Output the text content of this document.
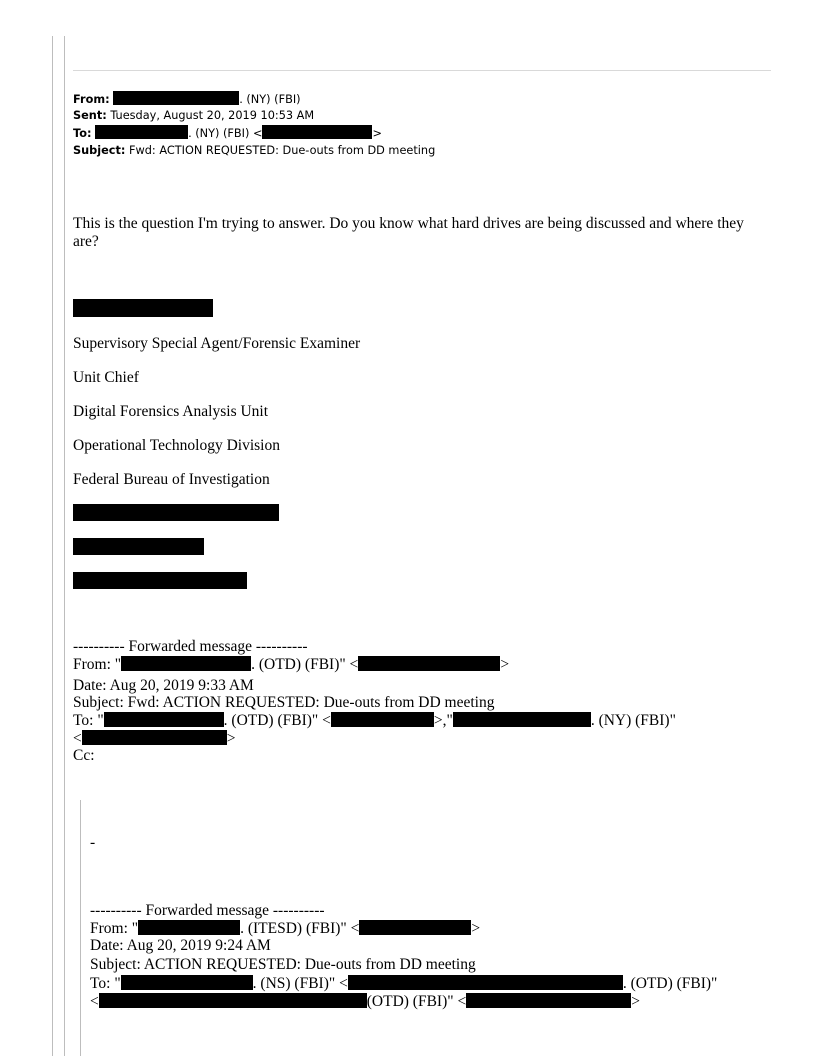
From:	. (NY) (FBI)
Sent: Tuesday, August 20, 2019 10:53 AM
To:	. (NY) (FBI) <	>
Subject: Fwd: ACTION REQUESTED: Due-outs from DD meeting
This is the question I'm trying to answer. Do you know what hard drives are being discussed and where they
are?
Supervisory Special Agent/Forensic Examiner
Unit Chief
Digital Forensics Analysis Unit
Operational Technology Division
Federal Bureau of Investigation
---------- Forwarded message ----------
From: "	. (OTD) (FBI)" <	>
Date: Aug 20, 2019 9:33 AM
Subject: Fwd: ACTION REQUESTED: Due-outs from DD meeting
To: "	. (OTD) (FBI)" <	>,"	. (NY) (FBI)"
<	>
Cc:
-
---------- Forwarded message ----------
From: "	. (ITESD) (FBI)" <	>
Date: Aug 20, 2019 9:24 AM
Subject: ACTION REQUESTED: Due-outs from DD meeting
To: "	. (NS) (FBI)" <	. (OTD) (FBI)"
<	(OTD) (FBI)" <	>
